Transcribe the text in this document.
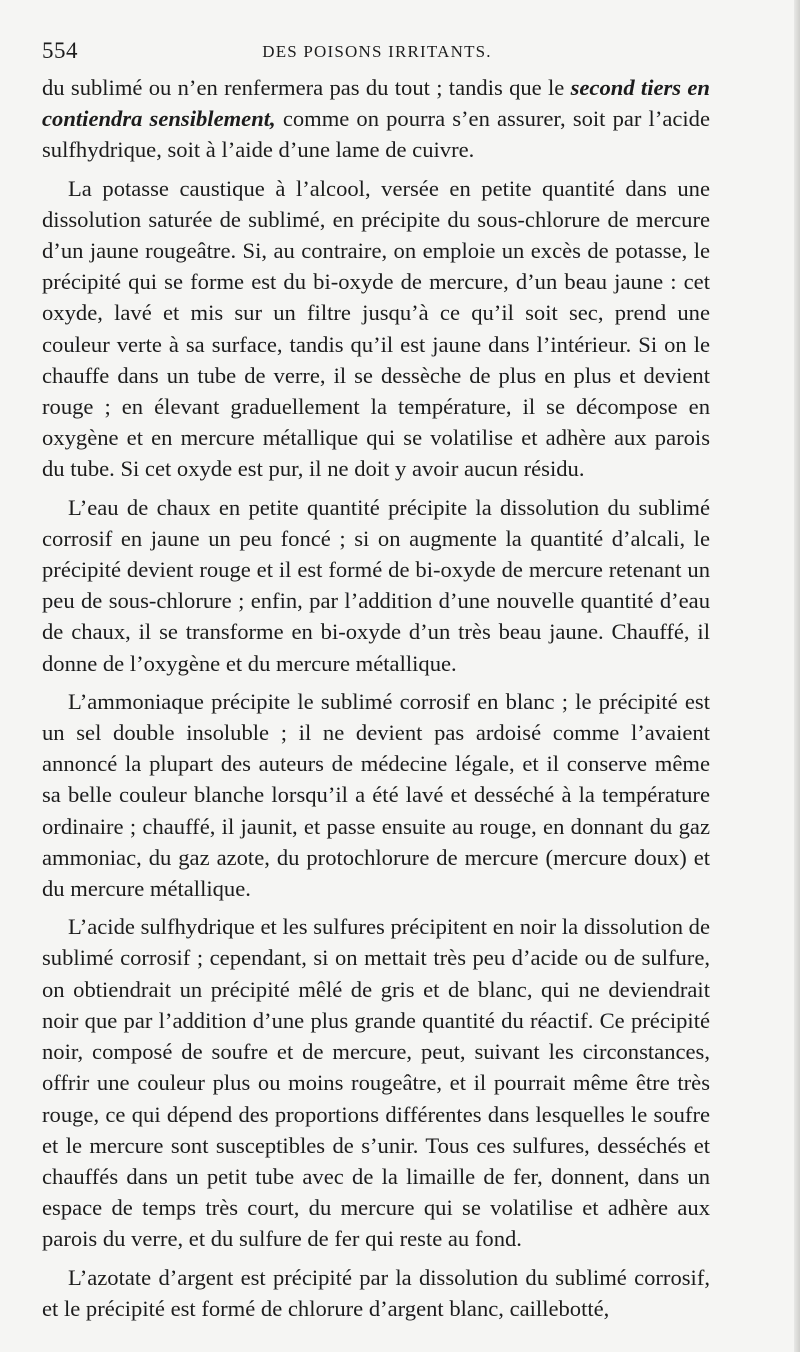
554	DES POISONS IRRITANTS.

du sublimé ou n’en renfermera pas du tout ; tandis que le second tiers en contiendra sensiblement, comme on pourra s’en assurer, soit par l’acide sulfhydrique, soit à l’aide d’une lame de cuivre.

La potasse caustique à l’alcool, versée en petite quantité dans une dissolution saturée de sublimé, en précipite du sous-chlorure de mercure d’un jaune rougeâtre. Si, au contraire, on emploie un excès de potasse, le précipité qui se forme est du bi-oxyde de mercure, d’un beau jaune : cet oxyde, lavé et mis sur un filtre jusqu’à ce qu’il soit sec, prend une couleur verte à sa surface, tandis qu’il est jaune dans l’intérieur. Si on le chauffe dans un tube de verre, il se dessèche de plus en plus et devient rouge ; en élevant graduellement la température, il se décompose en oxygène et en mercure métallique qui se volatilise et adhère aux parois du tube. Si cet oxyde est pur, il ne doit y avoir aucun résidu.

L’eau de chaux en petite quantité précipite la dissolution du sublimé corrosif en jaune un peu foncé ; si on augmente la quantité d’alcali, le précipité devient rouge et il est formé de bi-oxyde de mercure retenant un peu de sous-chlorure ; enfin, par l’addition d’une nouvelle quantité d’eau de chaux, il se transforme en bi-oxyde d’un très beau jaune. Chauffé, il donne de l’oxygène et du mercure métallique.

L’ammoniaque précipite le sublimé corrosif en blanc ; le précipité est un sel double insoluble ; il ne devient pas ardoisé comme l’avaient annoncé la plupart des auteurs de médecine légale, et il conserve même sa belle couleur blanche lorsqu’il a été lavé et desséché à la température ordinaire ; chauffé, il jaunit, et passe ensuite au rouge, en donnant du gaz ammoniac, du gaz azote, du protochlorure de mercure (mercure doux) et du mercure métallique.

L’acide sulfhydrique et les sulfures précipitent en noir la dissolution de sublimé corrosif ; cependant, si on mettait très peu d’acide ou de sulfure, on obtiendrait un précipité mêlé de gris et de blanc, qui ne deviendrait noir que par l’addition d’une plus grande quantité du réactif. Ce précipité noir, composé de soufre et de mercure, peut, suivant les circonstances, offrir une couleur plus ou moins rougeâtre, et il pourrait même être très rouge, ce qui dépend des proportions différentes dans lesquelles le soufre et le mercure sont susceptibles de s’unir. Tous ces sulfures, desséchés et chauffés dans un petit tube avec de la limaille de fer, donnent, dans un espace de temps très court, du mercure qui se volatilise et adhère aux parois du verre, et du sulfure de fer qui reste au fond.

L’azotate d’argent est précipité par la dissolution du sublimé corrosif, et le précipité est formé de chlorure d’argent blanc, caillebotté,
